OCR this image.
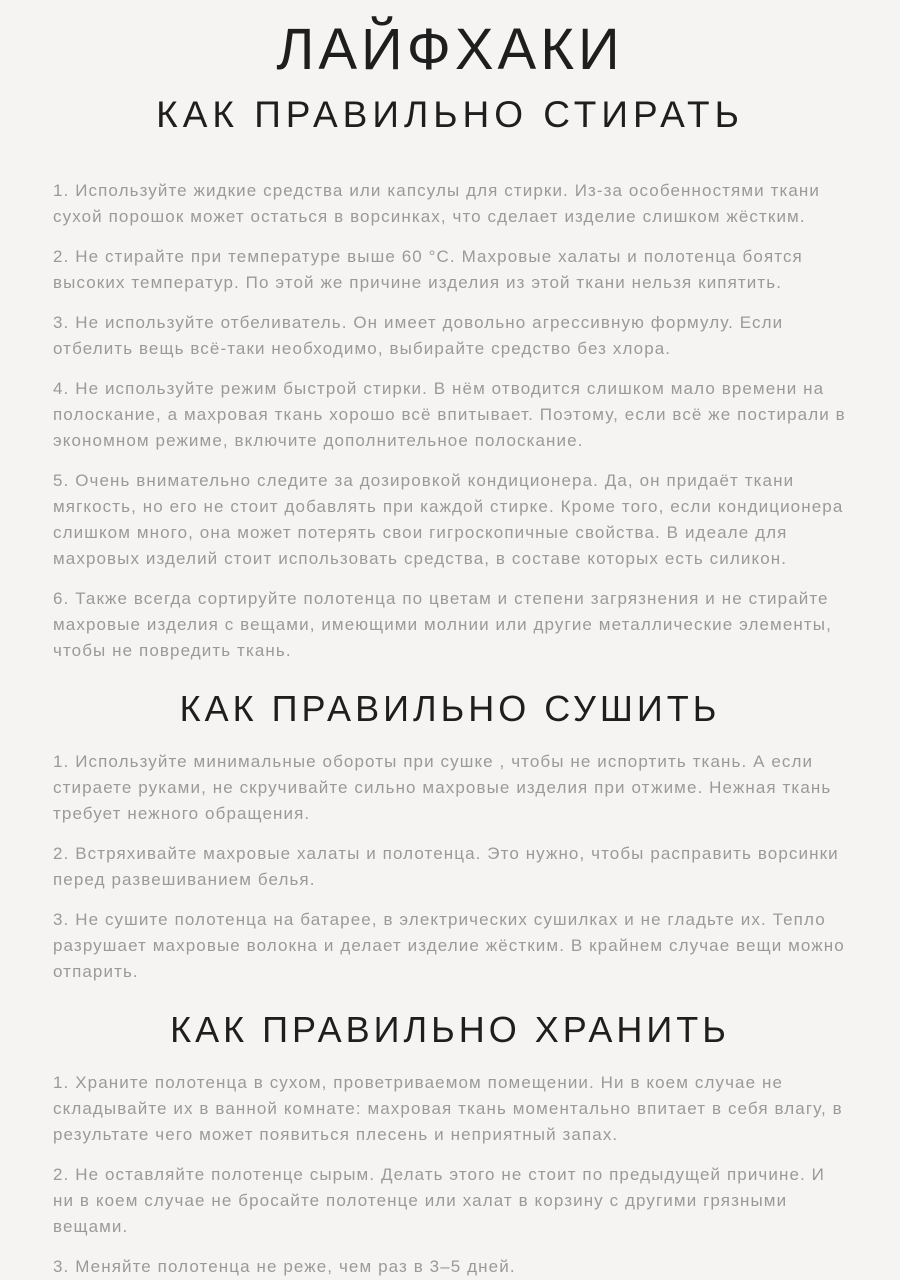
ЛАЙФХАКИ
КАК ПРАВИЛЬНО СТИРАТЬ

1. Используйте жидкие средства или капсулы для стирки. Из-за особенностями ткани сухой порошок может остаться в ворсинках, что сделает изделие слишком жёстким.

2. Не стирайте при температуре выше 60 °С. Махровые халаты и полотенца боятся высоких температур. По этой же причине изделия из этой ткани нельзя кипятить.

3. Не используйте отбеливатель. Он имеет довольно агрессивную формулу. Если отбелить вещь всё-таки необходимо, выбирайте средство без хлора.

4. Не используйте режим быстрой стирки. В нём отводится слишком мало времени на полоскание, а махровая ткань хорошо всё впитывает. Поэтому, если всё же постирали в экономном режиме, включите дополнительное полоскание.

5. Очень внимательно следите за дозировкой кондиционера. Да, он придаёт ткани мягкость, но его не стоит добавлять при каждой стирке. Кроме того, если кондиционера слишком много, она может потерять свои гигроскопичные свойства. В идеале для махровых изделий стоит использовать средства, в составе которых есть силикон.

6. Также всегда сортируйте полотенца по цветам и степени загрязнения и не стирайте махровые изделия с вещами, имеющими молнии или другие металлические элементы, чтобы не повредить ткань.

КАК ПРАВИЛЬНО СУШИТЬ

1. Используйте минимальные обороты при сушке , чтобы не испортить ткань. А если стираете руками, не скручивайте сильно махровые изделия при отжиме. Нежная ткань требует нежного обращения.

2. Встряхивайте махровые халаты и полотенца. Это нужно, чтобы расправить ворсинки перед развешиванием белья.

3. Не сушите полотенца на батарее, в электрических сушилках и не гладьте их. Тепло разрушает махровые волокна и делает изделие жёстким. В крайнем случае вещи можно отпарить.

КАК ПРАВИЛЬНО ХРАНИТЬ

1. Храните полотенца в сухом, проветриваемом помещении. Ни в коем случае не складывайте их в ванной комнате: махровая ткань моментально впитает в себя влагу, в результате чего может появиться плесень и неприятный запах.

2. Не оставляйте полотенце сырым. Делать этого не стоит по предыдущей причине. И ни в коем случае не бросайте полотенце или халат в корзину с другими грязными вещами.

3. Меняйте полотенца не реже, чем раз в 3–5 дней.
